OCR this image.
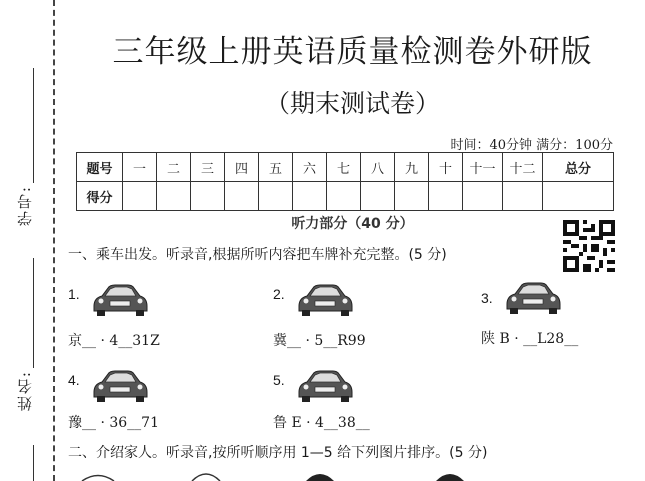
学号:
姓名:
三年级上册英语质量检测卷外研版
（期末测试卷）
时间：40分钟 满分：100分
题号	一	二	三	四	五	六	七	八	九	十	十一	十二	总分
得分													
听力部分（40 分）
一、乘车出发。听录音,根据所听内容把车牌补充完整。(5 分)
1.
京__ · 4__31Z
2.
冀__ · 5__R99
3.
陕 B · __L28__
4.
豫__ · 36__71
5.
鲁 E · 4__38__
二、介绍家人。听录音,按所听顺序用 1—5 给下列图片排序。(5 分)
